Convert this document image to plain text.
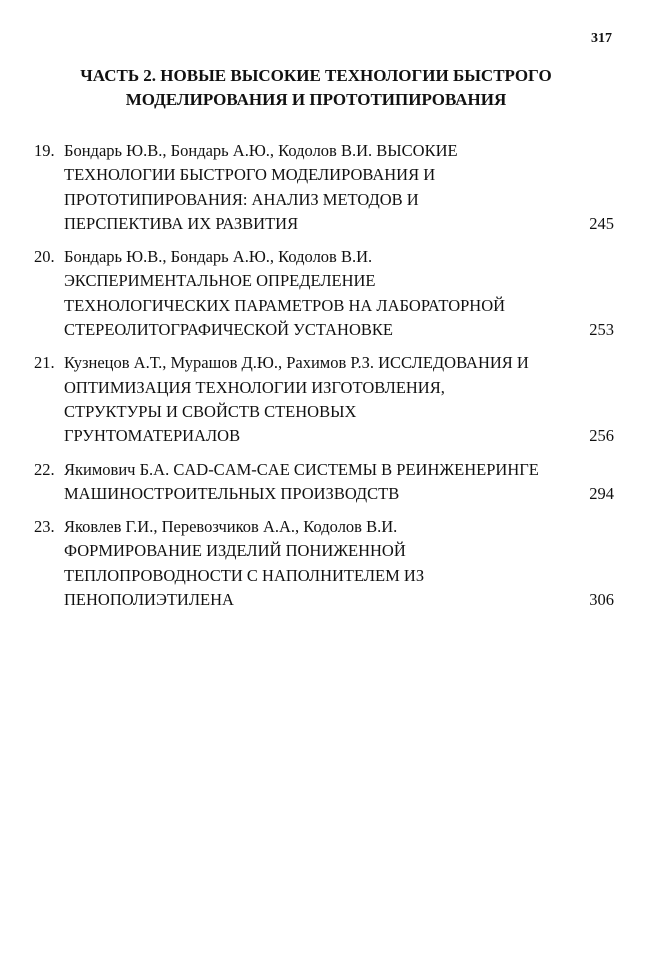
317
ЧАСТЬ 2. НОВЫЕ ВЫСОКИЕ ТЕХНОЛОГИИ БЫСТРОГО
МОДЕЛИРОВАНИЯ И ПРОТОТИПИРОВАНИЯ
19. Бондарь Ю.В., Бондарь А.Ю., Кодолов В.И. ВЫСОКИЕ
ТЕХНОЛОГИИ БЫСТРОГО МОДЕЛИРОВАНИЯ И
ПРОТОТИПИРОВАНИЯ: АНАЛИЗ МЕТОДОВ И
ПЕРСПЕКТИВА ИХ РАЗВИТИЯ	245
20. Бондарь Ю.В., Бондарь А.Ю., Кодолов В.И.
ЭКСПЕРИМЕНТАЛЬНОЕ ОПРЕДЕЛЕНИЕ
ТЕХНОЛОГИЧЕСКИХ ПАРАМЕТРОВ НА ЛАБОРАТОРНОЙ
СТЕРЕОЛИТОГРАФИЧЕСКОЙ УСТАНОВКЕ	253
21. Кузнецов А.Т., Мурашов Д.Ю., Рахимов Р.З. ИССЛЕДОВАНИЯ И
ОПТИМИЗАЦИЯ ТЕХНОЛОГИИ ИЗГОТОВЛЕНИЯ,
СТРУКТУРЫ И СВОЙСТВ СТЕНОВЫХ
ГРУНТОМАТЕРИАЛОВ	256
22. Якимович Б.А. CAD-CAM-CAE СИСТЕМЫ В РЕИНЖЕНЕРИНГЕ
МАШИНОСТРОИТЕЛЬНЫХ ПРОИЗВОДСТВ	294
23. Яковлев Г.И., Перевозчиков А.А., Кодолов В.И.
ФОРМИРОВАНИЕ ИЗДЕЛИЙ ПОНИЖЕННОЙ
ТЕПЛОПРОВОДНОСТИ С НАПОЛНИТЕЛЕМ ИЗ
ПЕНОПОЛИЭТИЛЕНА	306
